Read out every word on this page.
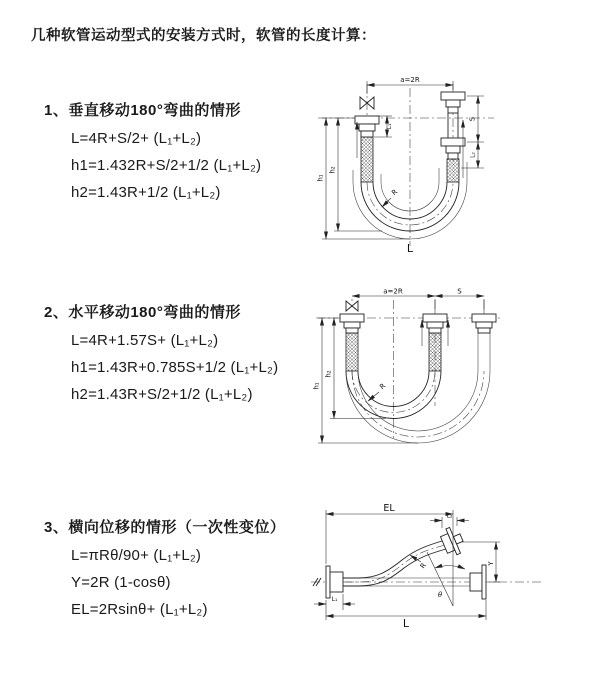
几种软管运动型式的安装方式时，软管的长度计算：
1、垂直移动180°弯曲的情形
L=4R+S/2+ (L₁+L₂)
h1=1.432R+S/2+1/2 (L₁+L₂)
h2=1.43R+1/2 (L₁+L₂)
2、水平移动180°弯曲的情形
L=4R+1.57S+ (L₁+L₂)
h1=1.43R+0.785S+1/2 (L₁+L₂)
h2=1.43R+S/2+1/2 (L₁+L₂)
3、横向位移的情形（一次性变位）
L=πRθ/90+ (L₁+L₂)
Y=2R (1-cosθ)
EL=2Rsinθ+ (L₁+L₂)
a=2R
h₁
h₂
L₁
S
L₂
R
L
a=2R	S
h₁
h₂
R
EL
L₂
Y
R
θ
L₁
L
